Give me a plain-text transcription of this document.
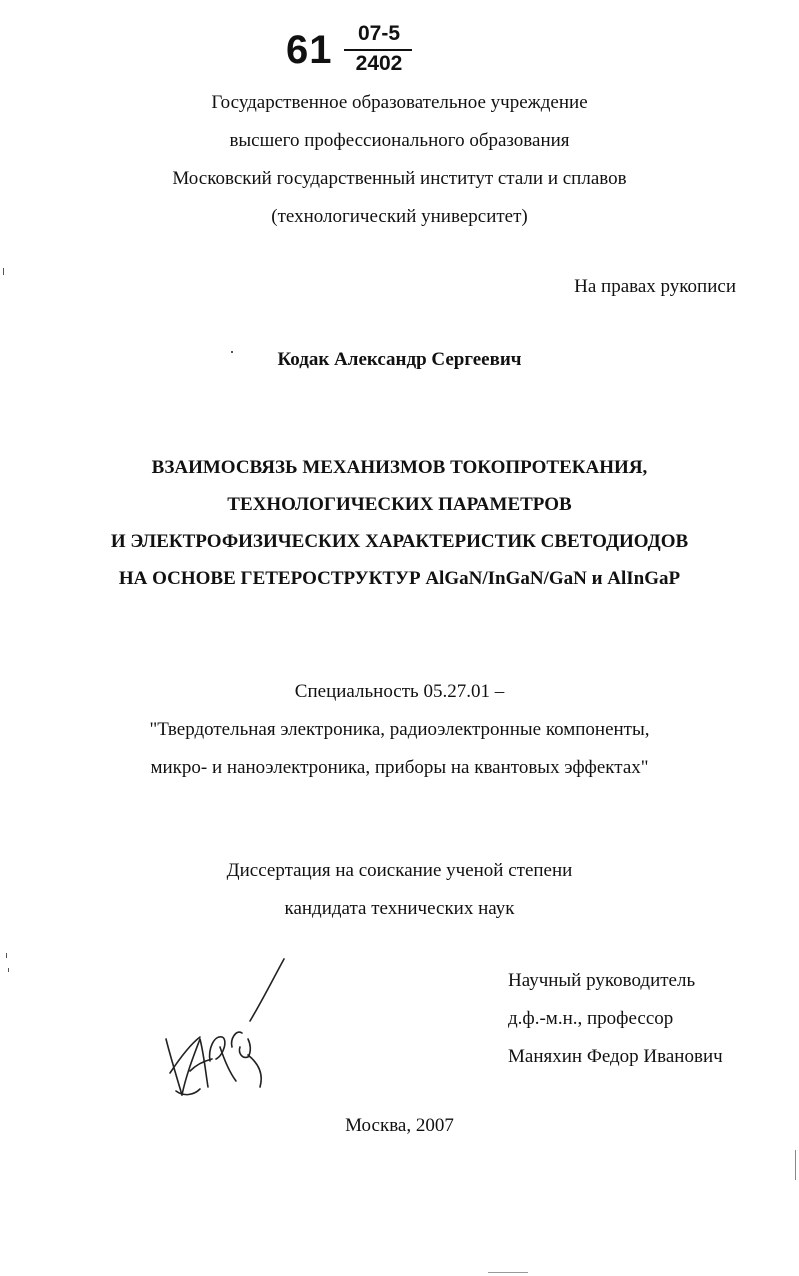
61	07-5
2402
Государственное образовательное учреждение
высшего профессионального образования
Московский государственный институт стали и сплавов
(технологический университет)
На правах рукописи
Кодак Александр Сергеевич
ВЗАИМОСВЯЗЬ МЕХАНИЗМОВ ТОКОПРОТЕКАНИЯ,
ТЕХНОЛОГИЧЕСКИХ ПАРАМЕТРОВ
И ЭЛЕКТРОФИЗИЧЕСКИХ ХАРАКТЕРИСТИК СВЕТОДИОДОВ
НА ОСНОВЕ ГЕТЕРОСТРУКТУР AlGaN/InGaN/GaN и AlInGaP
Специальность 05.27.01 –
"Твердотельная электроника, радиоэлектронные компоненты,
микро- и наноэлектроника, приборы на квантовых эффектах"
Диссертация на соискание ученой степени
кандидата технических наук
Научный руководитель
д.ф.-м.н., профессор
Маняхин Федор Иванович
Москва, 2007
